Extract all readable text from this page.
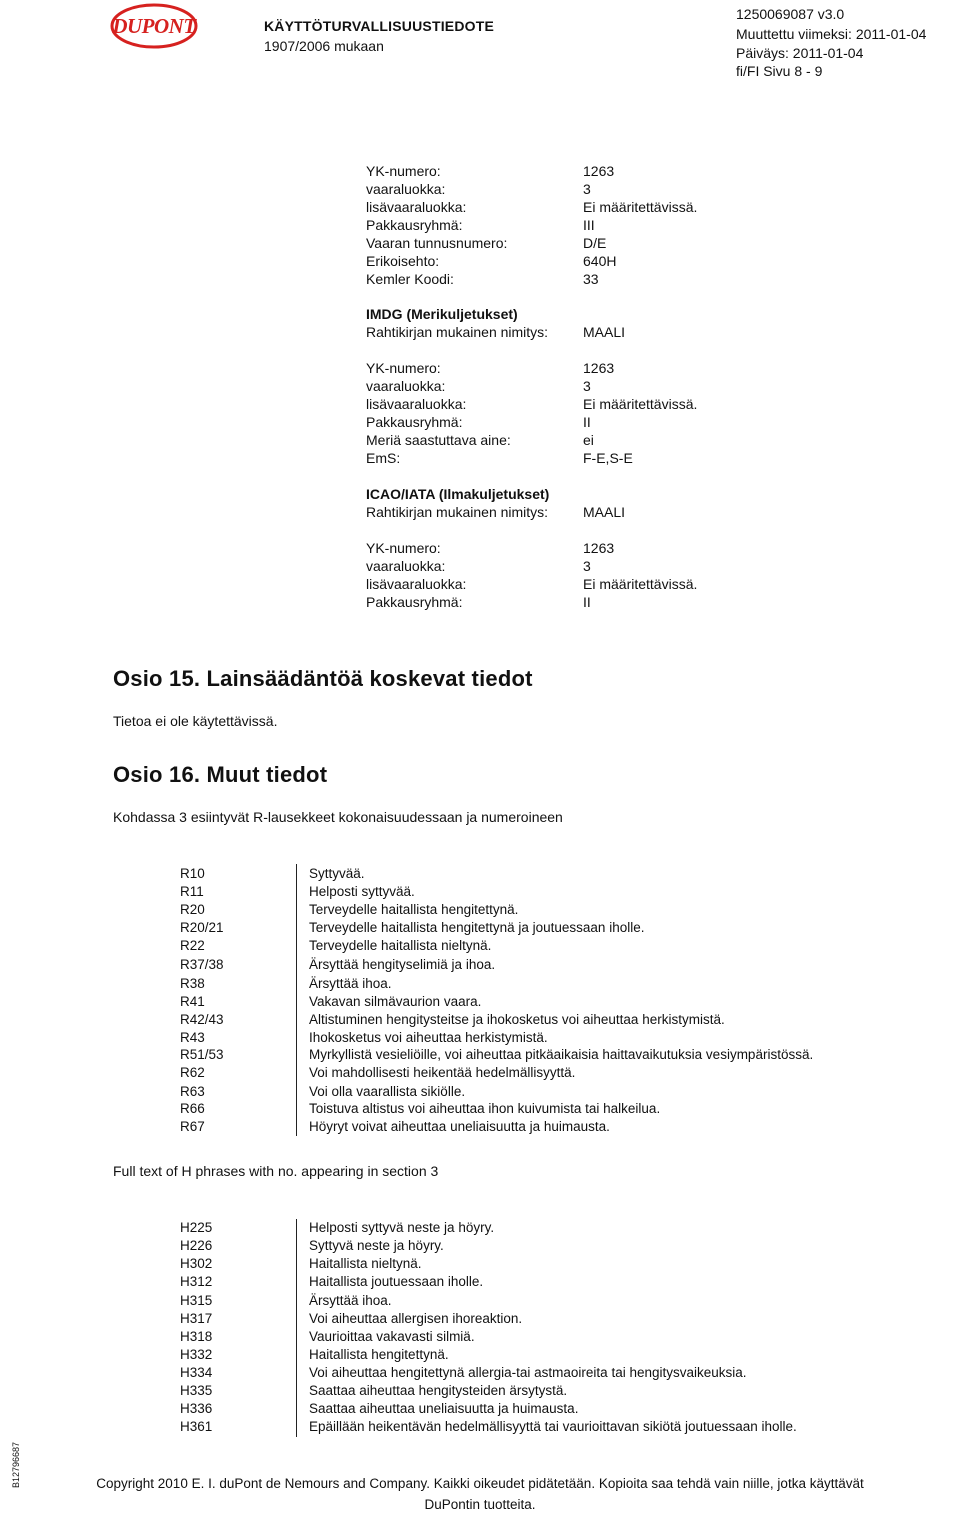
DUPONT	KÄYTTÖTURVALLISUUSTIEDOTE
1907/2006 mukaan
1250069087 v3.0
Muuttettu viimeksi: 2011-01-04
Päiväys: 2011-01-04
fi/FI Sivu 8 - 9
YK-numero:	1263
vaaraluokka:	3
lisävaaraluokka:	Ei määritettävissä.
Pakkausryhmä:	III
Vaaran tunnusnumero:	D/E
Erikoisehto:	640H
Kemler Koodi:	33
IMDG (Merikuljetukset)
Rahtikirjan mukainen nimitys: MAALI
YK-numero:	1263
vaaraluokka:	3
lisävaaraluokka:	Ei määritettävissä.
Pakkausryhmä:	II
Meriä saastuttava aine:	ei
EmS:	F-E,S-E
ICAO/IATA (Ilmakuljetukset)
Rahtikirjan mukainen nimitys: MAALI
YK-numero:	1263
vaaraluokka:	3
lisävaaraluokka:	Ei määritettävissä.
Pakkausryhmä:	II
Osio 15. Lainsäädäntöä koskevat tiedot
Tietoa ei ole käytettävissä.
Osio 16. Muut tiedot
Kohdassa 3 esiintyvät R-lausekkeet kokonaisuudessaan ja numeroineen
R10	Syttyvää.
R11	Helposti syttyvää.
R20	Terveydelle haitallista hengitettynä.
R20/21	Terveydelle haitallista hengitettynä ja joutuessaan iholle.
R22	Terveydelle haitallista nieltynä.
R37/38	Ärsyttää hengityselimiä ja ihoa.
R38	Ärsyttää ihoa.
R41	Vakavan silmävaurion vaara.
R42/43	Altistuminen hengitysteitse ja ihokosketus voi aiheuttaa herkistymistä.
R43	Ihokosketus voi aiheuttaa herkistymistä.
R51/53	Myrkyllistä vesieliöille, voi aiheuttaa pitkäaikaisia haittavaikutuksia vesiympäristössä.
R62	Voi mahdollisesti heikentää hedelmällisyyttä.
R63	Voi olla vaarallista sikiölle.
R66	Toistuva altistus voi aiheuttaa ihon kuivumista tai halkeilua.
R67	Höyryt voivat aiheuttaa uneliaisuutta ja huimausta.
Full text of H phrases with no. appearing in section 3
H225	Helposti syttyvä neste ja höyry.
H226	Syttyvä neste ja höyry.
H302	Haitallista nieltynä.
H312	Haitallista joutuessaan iholle.
H315	Ärsyttää ihoa.
H317	Voi aiheuttaa allergisen ihoreaktion.
H318	Vaurioittaa vakavasti silmiä.
H332	Haitallista hengitettynä.
H334	Voi aiheuttaa hengitettynä allergia-tai astmaoireita tai hengitysvaikeuksia.
H335	Saattaa aiheuttaa hengitysteiden ärsytystä.
H336	Saattaa aiheuttaa uneliaisuutta ja huimausta.
H361	Epäillään heikentävän hedelmällisyyttä tai vaurioittavan sikiötä joutuessaan iholle.
B12796687	Copyright 2010 E. I. duPont de Nemours and Company. Kaikki oikeudet pidätetään. Kopioita saa tehdä vain niille, jotka käyttävät
DuPontin tuotteita.
